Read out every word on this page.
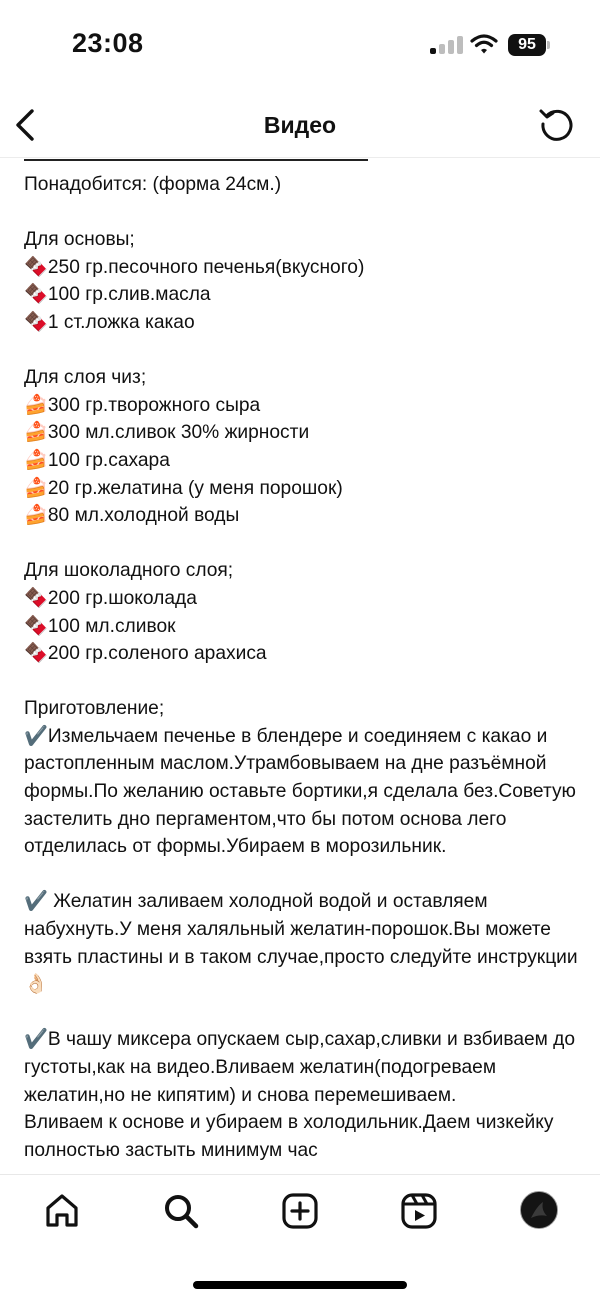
23:08	95
Видео
Понадобится: (форма 24см.)

Для основы;
🍫250 гр.песочного печенья(вкусного)
🍫100 гр.слив.масла
🍫1 ст.ложка какао

Для слоя чиз;
🍰300 гр.творожного сыра
🍰300 мл.сливок 30% жирности
🍰100 гр.сахара
🍰20 гр.желатина (у меня порошок)
🍰80 мл.холодной воды

Для шоколадного слоя;
🍫200 гр.шоколада
🍫100 мл.сливок
🍫200 гр.соленого арахиса

Приготовление;
✔️Измельчаем печенье в блендере и соединяем с какао и растопленным маслом.Утрамбовываем на дне разъёмной формы.По желанию оставьте бортики,я сделала без.Советую застелить дно пергаментом,что бы потом основа лего отделилась от формы.Убираем в морозильник.

✔️ Желатин заливаем холодной водой и оставляем набухнуть.У меня халяльный желатин-порошок.Вы можете взять пластины и в таком случае,просто следуйте инструкции👌🏻

✔️В чашу миксера опускаем сыр,сахар,сливки и взбиваем до густоты,как на видео.Вливаем желатин(подогреваем желатин,но не кипятим) и снова перемешиваем.
Вливаем к основе и убираем в холодильник.Даем чизкейку полностью застыть минимум час
